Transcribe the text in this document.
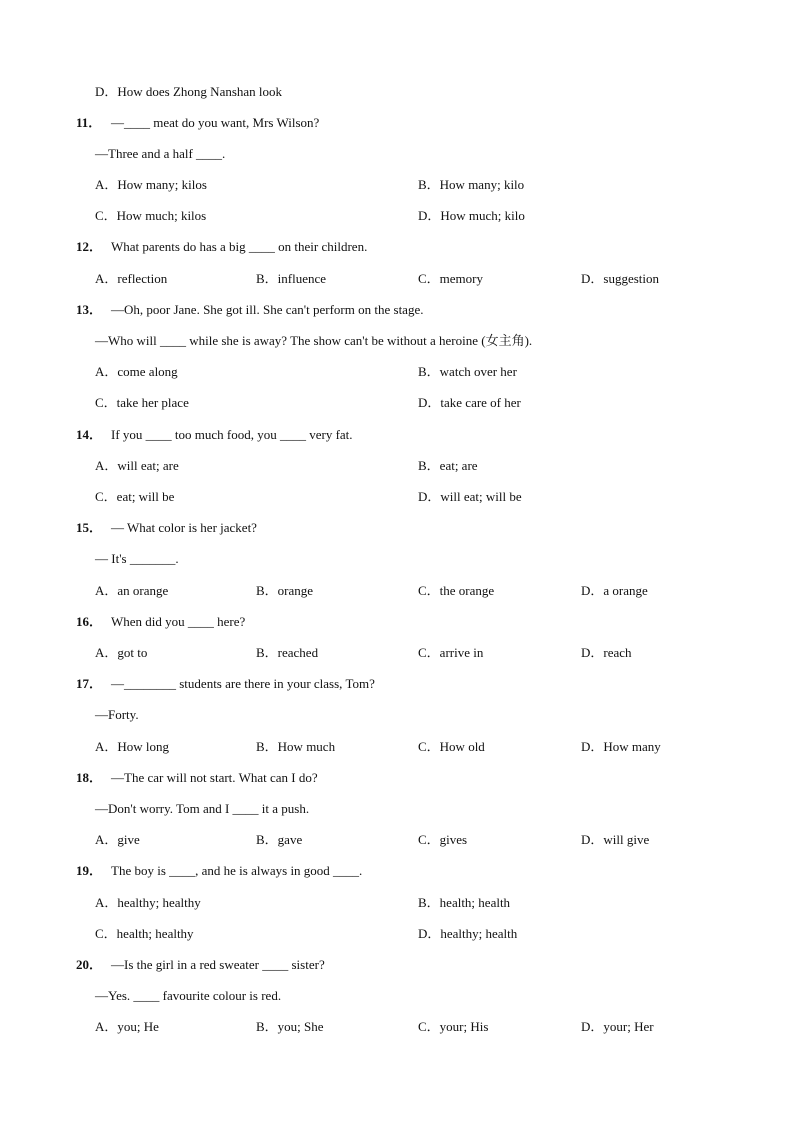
D．How does Zhong Nanshan look
11． —____ meat do you want, Mrs Wilson?
—Three and a half ____.
A．How many; kilos	B．How many; kilo
C．How much; kilos	D．How much; kilo
12． What parents do has a big ____ on their children.
A．reflection	B．influence	C．memory	D．suggestion
13． —Oh, poor Jane. She got ill. She can't perform on the stage.
—Who will ____ while she is away? The show can't be without a heroine (女主角).
A．come along	B．watch over her
C．take her place	D．take care of her
14． If you ____ too much food, you ____ very fat.
A．will eat; are	B．eat; are
C．eat; will be	D．will eat; will be
15． — What color is her jacket?
— It's _______.
A．an orange	B．orange	C．the orange	D．a orange
16． When did you ____ here?
A．got to	B．reached	C．arrive in	D．reach
17． —________ students are there in your class, Tom?
—Forty.
A．How long	B．How much	C．How old	D．How many
18． —The car will not start. What can I do?
—Don't worry. Tom and I ____ it a push.
A．give	B．gave	C．gives	D．will give
19． The boy is ____, and he is always in good ____.
A．healthy; healthy	B．health; health
C．health; healthy	D．healthy; health
20． —Is the girl in a red sweater ____ sister?
—Yes. ____ favourite colour is red.
A．you; He	B．you; She	C．your; His	D．your; Her
